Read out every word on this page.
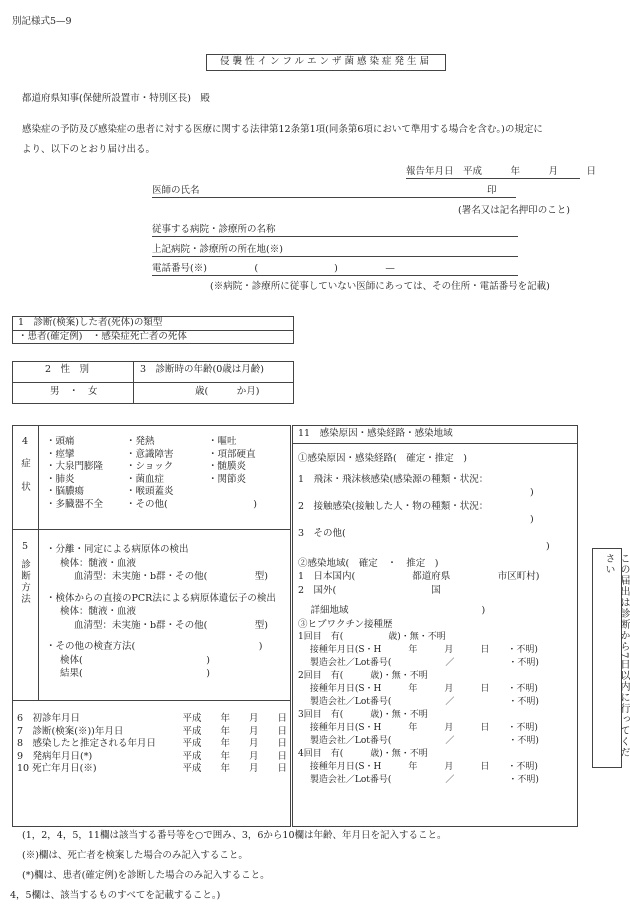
別記様式5—9
侵襲性インフルエンザ菌感染症発生届
都道府県知事(保健所設置市・特別区長)　殿
感染症の予防及び感染症の患者に対する医療に関する法律第12条第1項(同条第6項において準用する場合を含む。)の規定に
より、以下のとおり届け出る。
報告年月日　平成　　　年　　　月　　　日
医師の氏名	印
(署名又は記名押印のこと)
従事する病院・診療所の名称
上記病院・診療所の所在地(※)
電話番号(※)　　　　　(　　　　　　　　)　　　　　—
(※病院・診療所に従事していない医師にあっては、その住所・電話番号を記載)
1　診断(検案)した者(死体)の類型
・患者(確定例)　・感染症死亡者の死体
2　性　別
男　・　女
3　診断時の年齢(0歳は月齢)
歳(　　　か月)
4
症状
・頭痛	・発熱	・嘔吐
・痙攣	・意識障害	・項部硬直
・大泉門膨隆	・ショック	・髄膜炎
・肺炎	・菌血症	・関節炎
・脳膿瘍	・喉頭蓋炎
・多臓器不全	・その他(　　　　　　　　　)
5
診断方法
・分離・同定による病原体の検出
検体：髄液・血液
血清型：未実施・b群・その他(　　　　　型)
・検体からの直接のPCR法による病原体遺伝子の検出
検体：髄液・血液
血清型：未実施・b群・その他(　　　　　型)
・その他の検査方法(　　　　　　　　　　　　　)
検体(　　　　　　　　　　　　　)
結果(　　　　　　　　　　　　　)
6　初診年月日	平成　　年　　月　　日
7　診断(検案(※))年月日	平成　　年　　月　　日
8　感染したと推定される年月日	平成　　年　　月　　日
9　発病年月日(*)	平成　　年　　月　　日
10 死亡年月日(※)	平成　　年　　月　　日
11　感染原因・感染経路・感染地域
①感染原因・感染経路(　確定・推定　)
1　飛沫・飛沫核感染(感染源の種類・状況：
)
2　接触感染(接触した人・物の種類・状況：
)
3　その他(
)
②感染地域(　確定　・　推定　)
1　日本国内(　　　　　　都道府県　　　　　市区町村)
2　国外(　　　　　　　　　　国
　 詳細地域　　　　　　　　　　　　　　)
③ヒブワクチン接種歴
1回目　有(　　　　　歳)・無・不明
　 接種年月日(S・H　　　年　　　月　　　日　　・不明)
　 製造会社／Lot番号(　　　　　　／　　　　　　・不明)
2回目　有(　　　歳)・無・不明
　 接種年月日(S・H　　　年　　　月　　　日　　・不明)
　 製造会社／Lot番号(　　　　　　／　　　　　　・不明)
3回目　有(　　　歳)・無・不明
　 接種年月日(S・H　　　年　　　月　　　日　　・不明)
　 製造会社／Lot番号(　　　　　　／　　　　　　・不明)
4回目　有(　　　歳)・無・不明
　 接種年月日(S・H　　　年　　　月　　　日　　・不明)
　 製造会社／Lot番号(　　　　　　／　　　　　　・不明)
この届出は診断から7日以内に行ってください
(1，2，4，5，11欄は該当する番号等を○で囲み、3，6から10欄は年齢、年月日を記入すること。
(※)欄は、死亡者を検案した場合のみ記入すること。
(*)欄は、患者(確定例)を診断した場合のみ記入すること。
4，5欄は、該当するものすべてを記載すること。)
